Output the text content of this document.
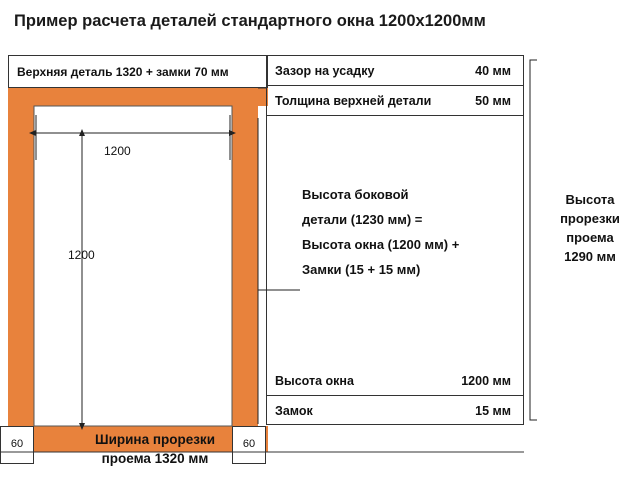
Пример расчета деталей стандартного окна 1200х1200мм
Верхняя деталь 1320 + замки 70 мм
60	60
1200
1200
Зазор на усадку	40 мм
Толщина верхней детали	50 мм
Высота окна	1200 мм
Замок	15 мм
Высота боковой
детали (1230 мм) =
Высота окна (1200 мм) +
Замки (15 + 15 мм)
Ширина прорезки
проема 1320 мм
Высота
прорезки
проема
1290 мм
